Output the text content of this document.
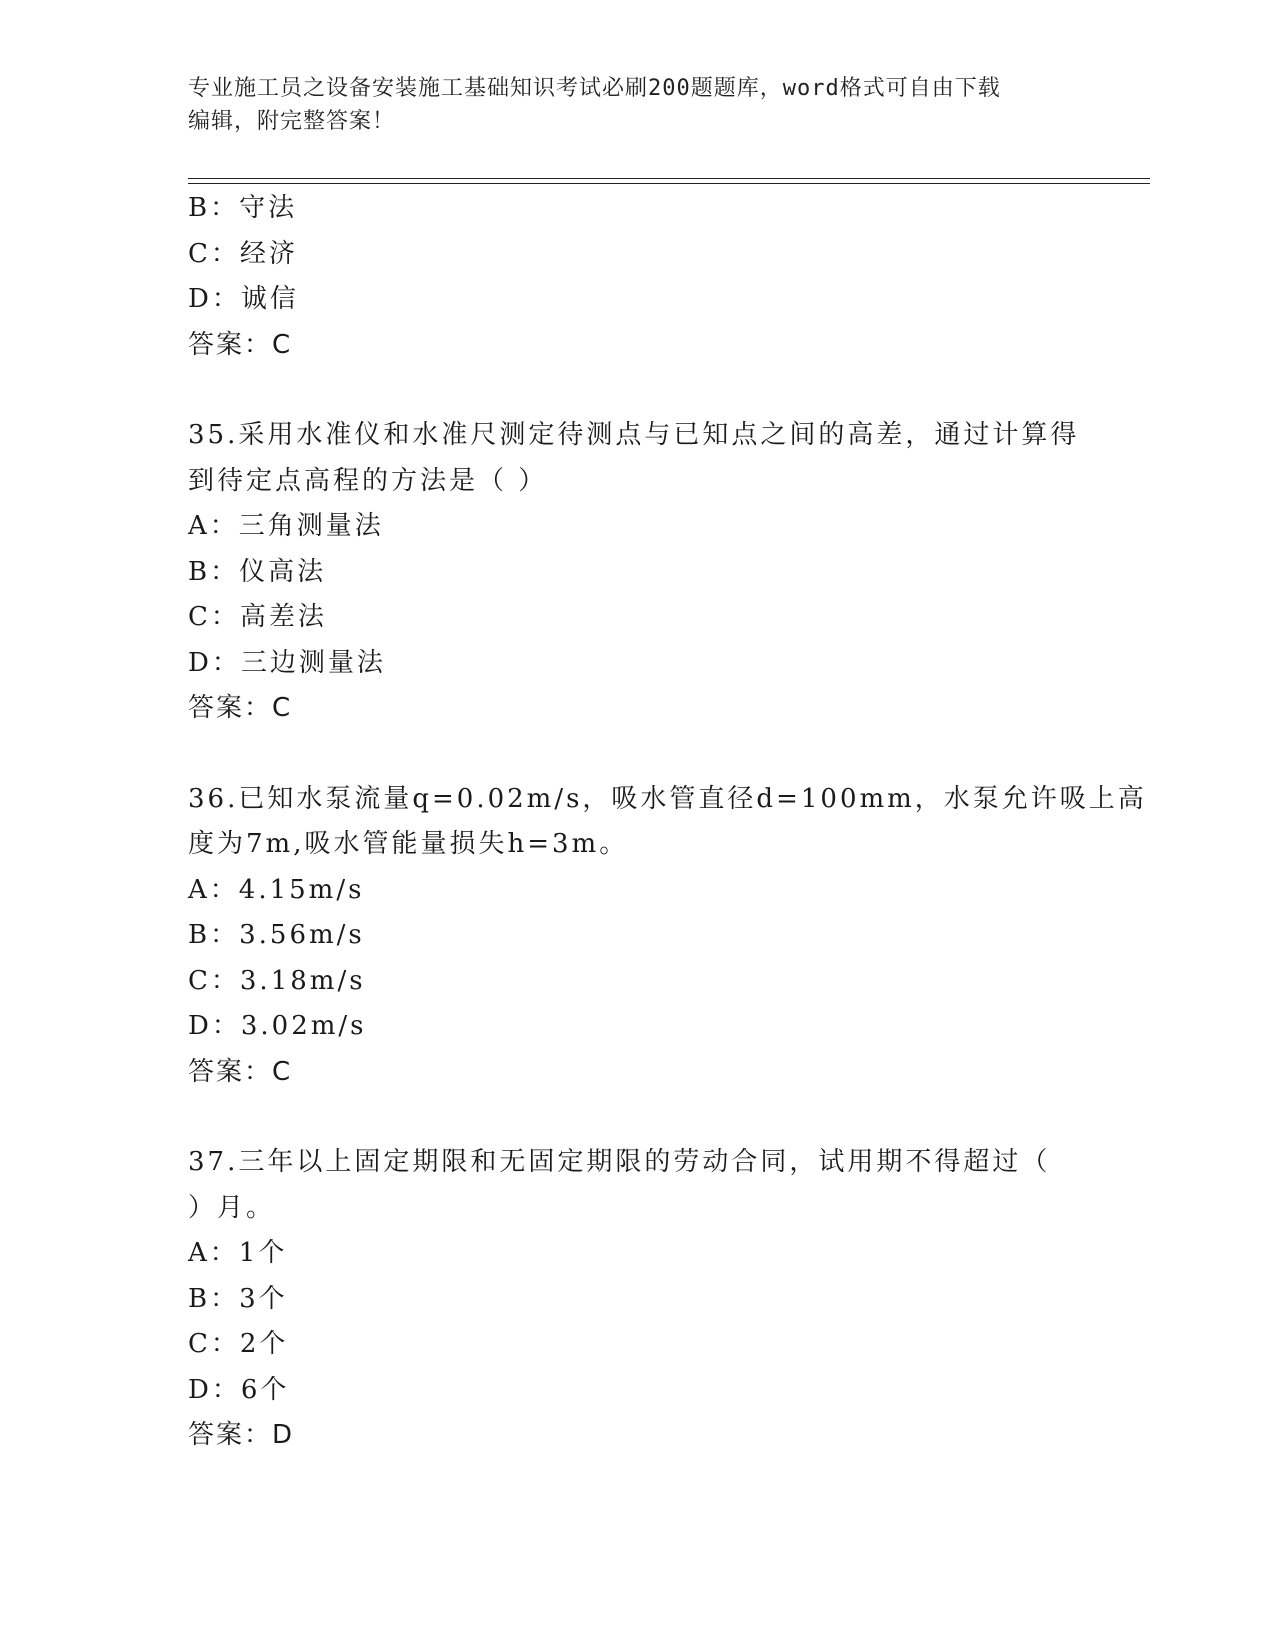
专业施工员之设备安装施工基础知识考试必刷200题题库，word格式可自由下载
编辑，附完整答案！
B：守法
C：经济
D：诚信
答案：C
35.采用水准仪和水准尺测定待测点与已知点之间的高差，通过计算得
到待定点高程的方法是（ ）
A：三角测量法
B：仪高法
C：高差法
D：三边测量法
答案：C
36.已知水泵流量q=0.02m/s，吸水管直径d=100mm，水泵允许吸上高
度为7m,吸水管能量损失h=3m。
A：4.15m/s
B：3.56m/s
C：3.18m/s
D：3.02m/s
答案：C
37.三年以上固定期限和无固定期限的劳动合同，试用期不得超过（
）月。
A：1个
B：3个
C：2个
D：6个
答案：D
